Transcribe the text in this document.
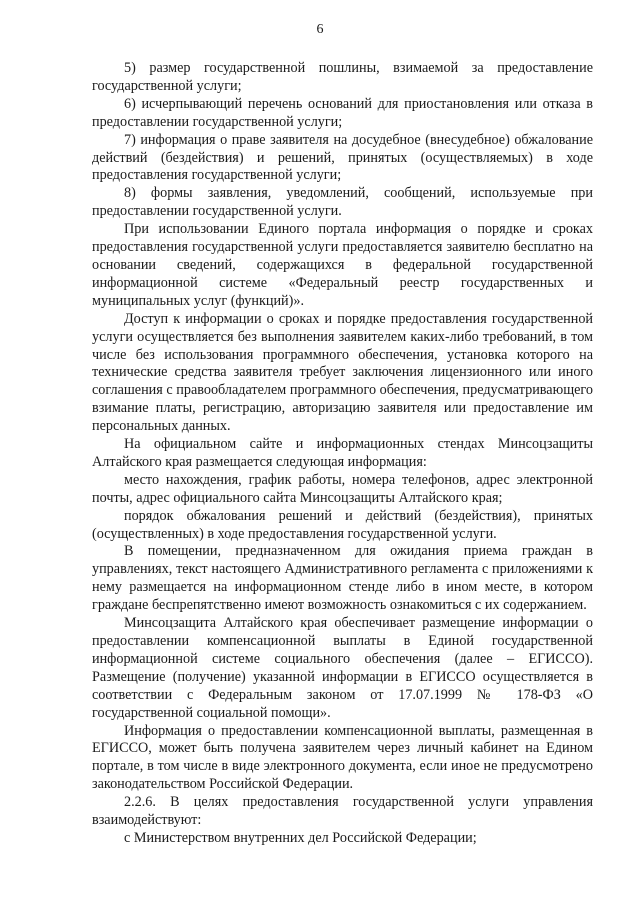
6

5) размер государственной пошлины, взимаемой за предоставление государственной услуги;

6) исчерпывающий перечень оснований для приостановления или отказа в предоставлении государственной услуги;

7) информация о праве заявителя на досудебное (внесудебное) обжалование действий (бездействия) и решений, принятых (осуществляемых) в ходе предоставления государственной услуги;

8) формы заявления, уведомлений, сообщений, используемые при предоставлении государственной услуги.

При использовании Единого портала информация о порядке и сроках предоставления государственной услуги предоставляется заявителю бесплатно на основании сведений, содержащихся в федеральной государственной информационной системе «Федеральный реестр государственных и муниципальных услуг (функций)».

Доступ к информации о сроках и порядке предоставления государственной услуги осуществляется без выполнения заявителем каких-либо требований, в том числе без использования программного обеспечения, установка которого на технические средства заявителя требует заключения лицензионного или иного соглашения с правообладателем программного обеспечения, предусматривающего взимание платы, регистрацию, авторизацию заявителя или предоставление им персональных данных.

На официальном сайте и информационных стендах Минсоцзащиты Алтайского края размещается следующая информация:

место нахождения, график работы, номера телефонов, адрес электронной почты, адрес официального сайта Минсоцзащиты Алтайского края;

порядок обжалования решений и действий (бездействия), принятых (осуществленных) в ходе предоставления государственной услуги.

В помещении, предназначенном для ожидания приема граждан в управлениях, текст настоящего Административного регламента с приложениями к нему размещается на информационном стенде либо в ином месте, в котором граждане беспрепятственно имеют возможность ознакомиться с их содержанием.

Минсоцзащита Алтайского края обеспечивает размещение информации о предоставлении компенсационной выплаты в Единой государственной информационной системе социального обеспечения (далее – ЕГИССО). Размещение (получение) указанной информации в ЕГИССО осуществляется в соответствии с Федеральным законом от 17.07.1999 № 178-ФЗ «О государственной социальной помощи».

Информация о предоставлении компенсационной выплаты, размещенная в ЕГИССО, может быть получена заявителем через личный кабинет на Едином портале, в том числе в виде электронного документа, если иное не предусмотрено законодательством Российской Федерации.

2.2.6. В целях предоставления государственной услуги управления взаимодействуют:

с Министерством внутренних дел Российской Федерации;
